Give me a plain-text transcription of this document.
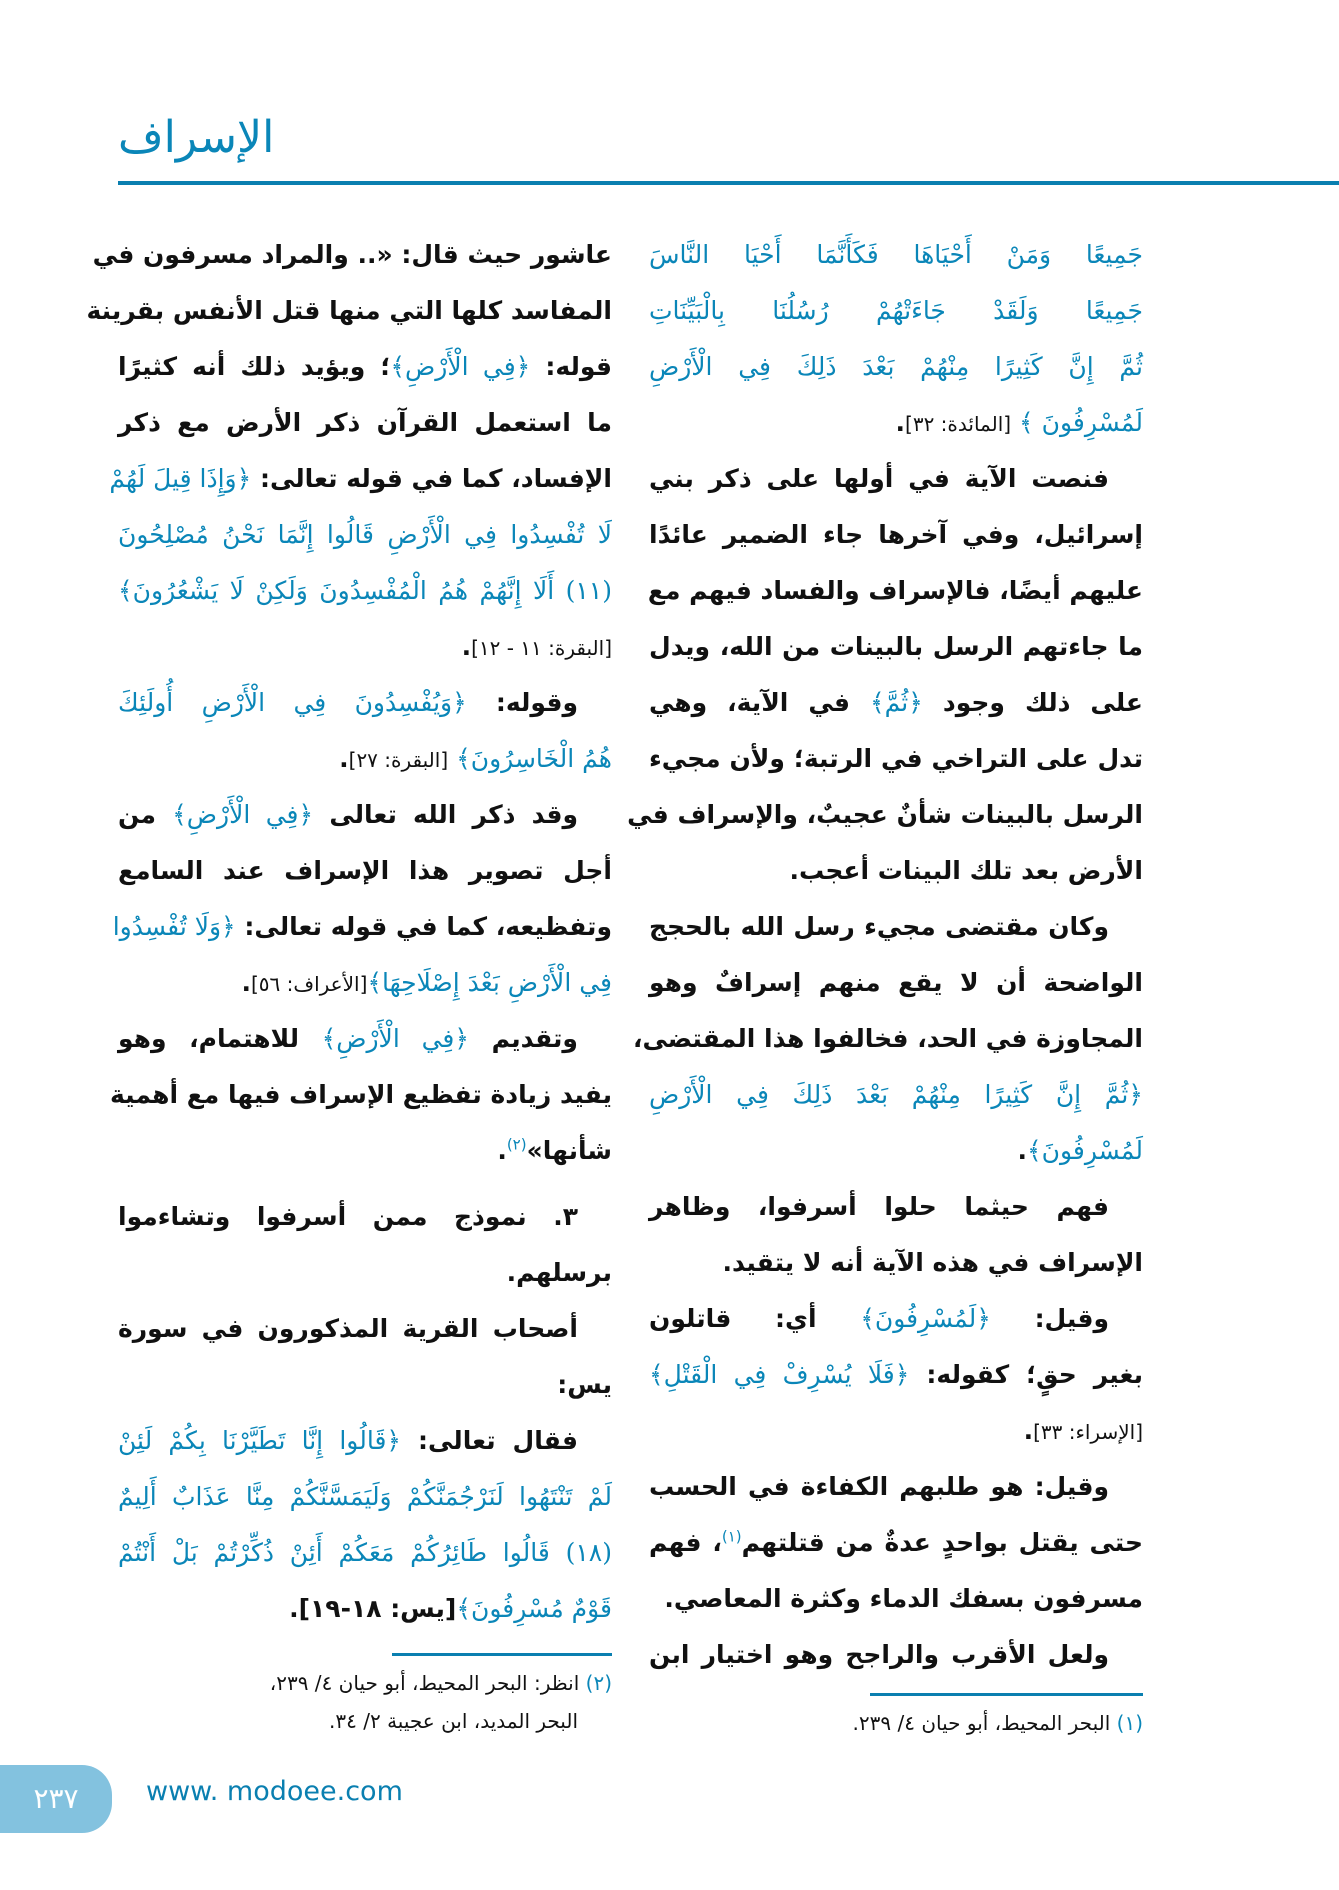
الإسراف
جَمِيعًا وَمَنْ أَحْيَاهَا فَكَأَنَّمَا أَحْيَا النَّاسَ
جَمِيعًا وَلَقَدْ جَاءَتْهُمْ رُسُلُنَا بِالْبَيِّنَاتِ
ثُمَّ إِنَّ كَثِيرًا مِنْهُمْ بَعْدَ ذَلِكَ فِي الْأَرْضِ
لَمُسْرِفُونَ ﴾ [المائدة: ٣٢].
فنصت الآية في أولها على ذكر بني
إسرائيل، وفي آخرها جاء الضمير عائدًا
عليهم أيضًا، فالإسراف والفساد فيهم مع
ما جاءتهم الرسل بالبينات من الله، ويدل
على ذلك وجود ﴿ثُمَّ﴾ في الآية، وهي
تدل على التراخي في الرتبة؛ ولأن مجيء
الرسل بالبينات شأنٌ عجيبٌ، والإسراف في
الأرض بعد تلك البينات أعجب.
وكان مقتضى مجيء رسل الله بالحجج
الواضحة أن لا يقع منهم إسرافٌ وهو
المجاوزة في الحد، فخالفوا هذا المقتضى،
﴿ثُمَّ إِنَّ كَثِيرًا مِنْهُمْ بَعْدَ ذَلِكَ فِي الْأَرْضِ
لَمُسْرِفُونَ﴾.
فهم حيثما حلوا أسرفوا، وظاهر
الإسراف في هذه الآية أنه لا يتقيد.
وقيل: ﴿لَمُسْرِفُونَ﴾ أي: قاتلون
بغير حقٍ؛ كقوله: ﴿فَلَا يُسْرِفْ فِي الْقَتْلِ﴾
[الإسراء: ٣٣].
وقيل: هو طلبهم الكفاءة في الحسب
حتى يقتل بواحدٍ عدةٌ من قتلتهم$^{(١)}$، فهم
مسرفون بسفك الدماء وكثرة المعاصي.
ولعل الأقرب والراجح وهو اختيار ابن
عاشور حيث قال: «.. والمراد مسرفون في
المفاسد كلها التي منها قتل الأنفس بقرينة
قوله: ﴿فِي الْأَرْضِ﴾؛ ويؤيد ذلك أنه كثيرًا
ما استعمل القرآن ذكر الأرض مع ذكر
الإفساد، كما في قوله تعالى: ﴿وَإِذَا قِيلَ لَهُمْ
لَا تُفْسِدُوا فِي الْأَرْضِ قَالُوا إِنَّمَا نَحْنُ مُصْلِحُونَ
(١١) أَلَا إِنَّهُمْ هُمُ الْمُفْسِدُونَ وَلَكِنْ لَا يَشْعُرُونَ﴾
[البقرة: ١١ - ١٢].
وقوله: ﴿وَيُفْسِدُونَ فِي الْأَرْضِ أُولَئِكَ
هُمُ الْخَاسِرُونَ﴾ [البقرة: ٢٧].
وقد ذكر الله تعالى ﴿فِي الْأَرْضِ﴾ من
أجل تصوير هذا الإسراف عند السامع
وتفظيعه، كما في قوله تعالى: ﴿وَلَا تُفْسِدُوا
فِي الْأَرْضِ بَعْدَ إِصْلَاحِهَا﴾[الأعراف: ٥٦].
وتقديم ﴿فِي الْأَرْضِ﴾ للاهتمام، وهو
يفيد زيادة تفظيع الإسراف فيها مع أهمية
شأنها»$^{(٢)}$.
٣. نموذج ممن أسرفوا وتشاءموا
برسلهم.
أصحاب القرية المذكورون في سورة
يس:
فقال تعالى: ﴿قَالُوا إِنَّا تَطَيَّرْنَا بِكُمْ لَئِنْ
لَمْ تَنْتَهُوا لَنَرْجُمَنَّكُمْ وَلَيَمَسَّنَّكُمْ مِنَّا عَذَابٌ أَلِيمٌ
(١٨) قَالُوا طَائِرُكُمْ مَعَكُمْ أَئِنْ ذُكِّرْتُمْ بَلْ أَنْتُمْ
قَوْمٌ مُسْرِفُونَ﴾[يس: ١٨-١٩].
(١) البحر المحيط، أبو حيان ٤/ ٢٣٩.
(٢) انظر: البحر المحيط، أبو حيان ٤/ ٢٣٩،
البحر المديد، ابن عجيبة ٢/ ٣٤.
٢٣٧	www. modoee.com
